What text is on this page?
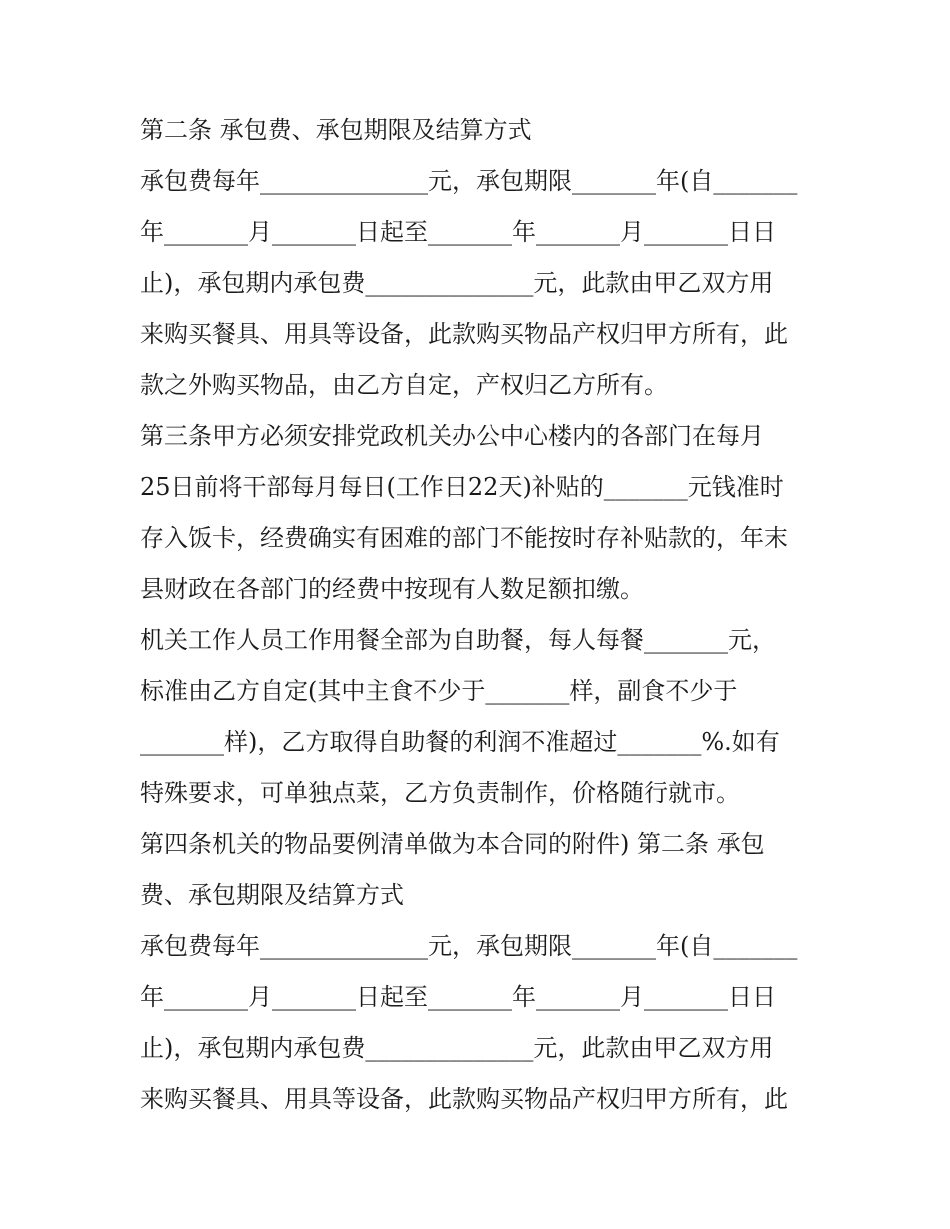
第二条 承包费、承包期限及结算方式
承包费每年______________元，承包期限_______年(自_______
年_______月_______日起至_______年_______月_______日日
止)，承包期内承包费______________元，此款由甲乙双方用
来购买餐具、用具等设备，此款购买物品产权归甲方所有，此
款之外购买物品，由乙方自定，产权归乙方所有。
第三条甲方必须安排党政机关办公中心楼内的各部门在每月
25日前将干部每月每日(工作日22天)补贴的_______元钱准时
存入饭卡，经费确实有困难的部门不能按时存补贴款的，年末
县财政在各部门的经费中按现有人数足额扣缴。
机关工作人员工作用餐全部为自助餐，每人每餐_______元，
标准由乙方自定(其中主食不少于_______样，副食不少于
_______样)，乙方取得自助餐的利润不准超过_______%.如有
特殊要求，可单独点菜，乙方负责制作，价格随行就市。
第四条机关的物品要例清单做为本合同的附件) 第二条 承包
费、承包期限及结算方式
承包费每年______________元，承包期限_______年(自_______
年_______月_______日起至_______年_______月_______日日
止)，承包期内承包费______________元，此款由甲乙双方用
来购买餐具、用具等设备，此款购买物品产权归甲方所有，此
